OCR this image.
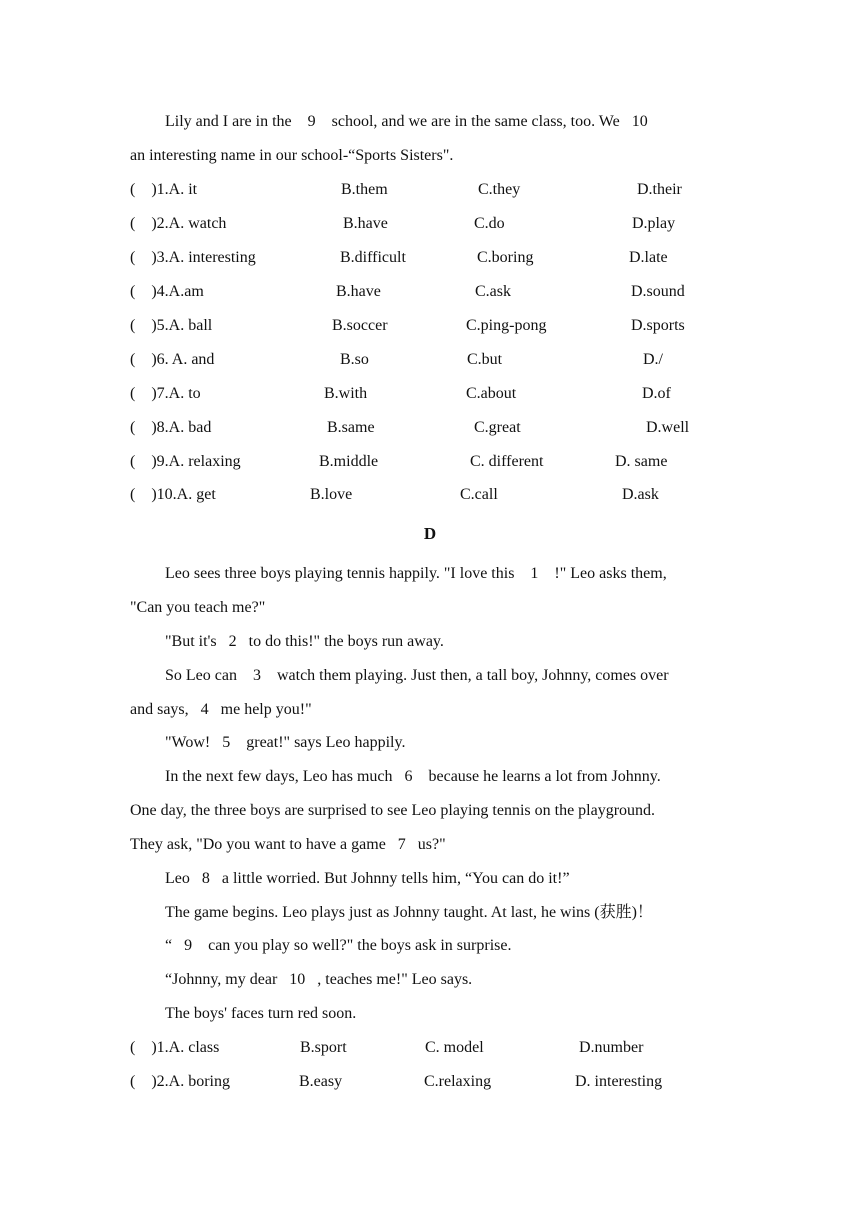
Lily and I are in the    9    school, and we are in the same class, too. We   10
an interesting name in our school-“Sports Sisters".
(    )1.A. it	B.them	C.they	D.their
(    )2.A. watch	B.have	C.do	D.play
(    )3.A. interesting	B.difficult	C.boring	D.late
(    )4.A.am	B.have	C.ask	D.sound
(    )5.A. ball	B.soccer	C.ping-pong	D.sports
(    )6. A. and	B.so	C.but	D./
(    )7.A. to	B.with	C.about	D.of
(    )8.A. bad	B.same	C.great	D.well
(    )9.A. relaxing	B.middle	C. different	D. same
(    )10.A. get	B.love	C.call	D.ask
D
Leo sees three boys playing tennis happily. "I love this    1    !" Leo asks them,
"Can you teach me?"
"But it's   2   to do this!" the boys run away.
So Leo can    3    watch them playing. Just then, a tall boy, Johnny, comes over
and says,   4   me help you!"
"Wow!   5    great!" says Leo happily.
In the next few days, Leo has much   6    because he learns a lot from Johnny.
One day, the three boys are surprised to see Leo playing tennis on the playground.
They ask, "Do you want to have a game   7   us?"
Leo   8   a little worried. But Johnny tells him, “You can do it!”
The game begins. Leo plays just as Johnny taught. At last, he wins (获胜)！
“   9    can you play so well?" the boys ask in surprise.
“Johnny, my dear   10   , teaches me!" Leo says.
The boys' faces turn red soon.
(    )1.A. class	B.sport	C. model	D.number
(    )2.A. boring	B.easy	C.relaxing	D. interesting
